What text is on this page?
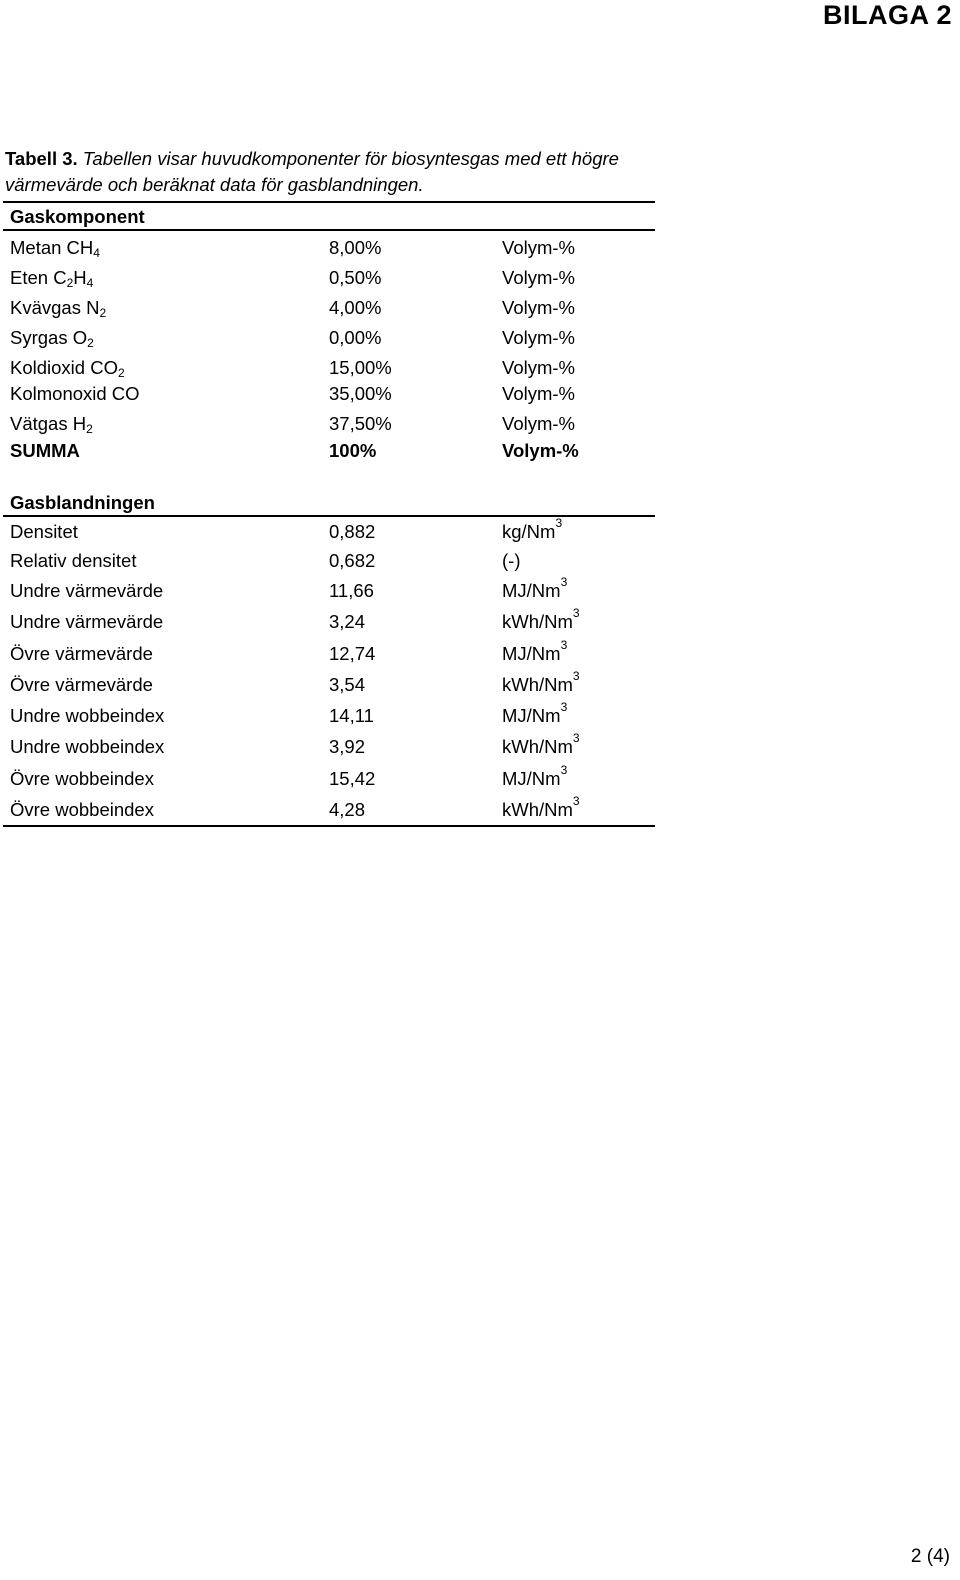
BILAGA 2
Tabell 3. Tabellen visar huvudkomponenter för biosyntesgas med ett högre värmevärde och beräknat data för gasblandningen.
Gaskomponent
Metan $CH_4$	8,00%	Volym-%
Eten $C_2H_4$	0,50%	Volym-%
Kvävgas $N_2$	4,00%	Volym-%
Syrgas $O_2$	0,00%	Volym-%
Koldioxid $CO_2$	15,00%	Volym-%
Kolmonoxid CO	35,00%	Volym-%
Vätgas $H_2$	37,50%	Volym-%
SUMMA	100%	Volym-%
Gasblandningen
Densitet	0,882	kg/Nm$^3$
Relativ densitet	0,682	(-)
Undre värmevärde	11,66	MJ/Nm$^3$
Undre värmevärde	3,24	kWh/Nm$^3$
Övre värmevärde	12,74	MJ/Nm$^3$
Övre värmevärde	3,54	kWh/Nm$^3$
Undre wobbeindex	14,11	MJ/Nm$^3$
Undre wobbeindex	3,92	kWh/Nm$^3$
Övre wobbeindex	15,42	MJ/Nm$^3$
Övre wobbeindex	4,28	kWh/Nm$^3$
2 (4)
